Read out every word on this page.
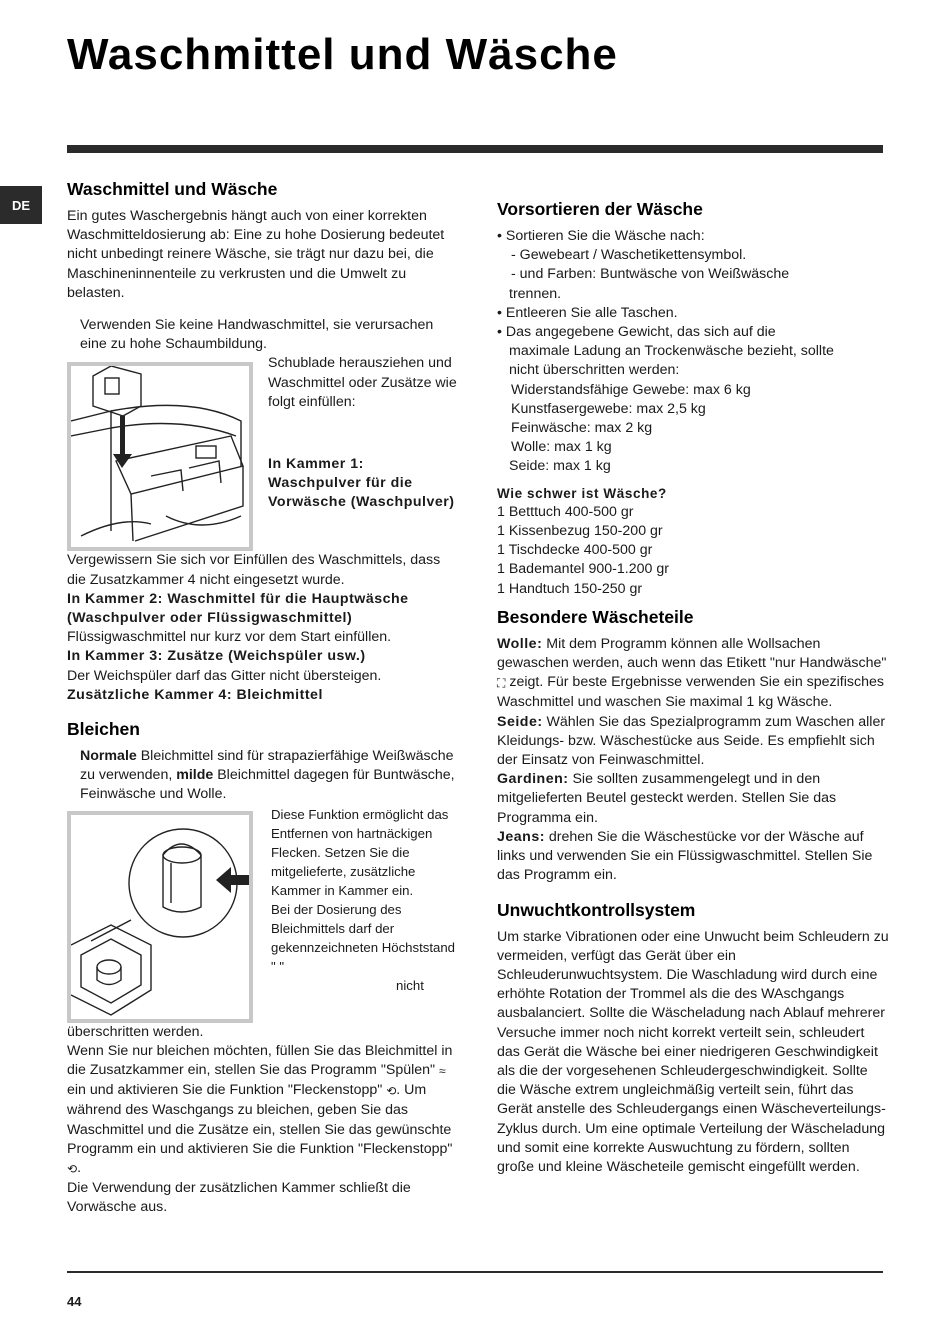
Waschmittel und Wäsche
DE
Waschmittel und Wäsche

Ein gutes Waschergebnis hängt auch von einer korrekten Waschmitteldosierung ab: Eine zu hohe Dosierung bedeutet nicht unbedingt reinere Wäsche, sie trägt nur dazu bei, die Maschineninnenteile zu verkrusten und die Umwelt zu belasten.

Verwenden Sie keine Handwaschmittel, sie verursachen eine zu hohe Schaumbildung.

Schublade herausziehen und Waschmittel oder Zusätze wie folgt einfüllen:

In Kammer 1: Waschpulver für die Vorwäsche (Waschpulver)

Vergewissern Sie sich vor Einfüllen des Waschmittels, dass die Zusatzkammer 4 nicht eingesetzt wurde.

In Kammer 2: Waschmittel für die Hauptwäsche (Waschpulver oder Flüssigwaschmittel)

Flüssigwaschmittel nur kurz vor dem Start einfüllen.

In Kammer 3: Zusätze (Weichspüler usw.)

Der Weichspüler darf das Gitter nicht übersteigen.

Zusätzliche Kammer 4: Bleichmittel

Bleichen

Normale Bleichmittel sind für strapazierfähige Weißwäsche zu verwenden, milde Bleichmittel dagegen für Buntwäsche, Feinwäsche und Wolle.

Diese Funktion ermöglicht das Entfernen von hartnäckigen Flecken. Setzen Sie die mitgelieferte, zusätzliche Kammer in Kammer ein.

Bei der Dosierung des Bleichmittels darf der gekennzeichneten Höchststand " "

nicht

überschritten werden.

Wenn Sie nur bleichen möchten, füllen Sie das Bleichmittel in die Zusatzkammer ein, stellen Sie das Programm "Spülen" ≈ ein und aktivieren Sie die Funktion "Fleckenstopp" ⟲. Um während des Waschgangs zu bleichen, geben Sie das Waschmittel und die Zusätze ein, stellen Sie das gewünschte Programm ein und aktivieren Sie die Funktion "Fleckenstopp" ⟲.

Die Verwendung der zusätzlichen Kammer schließt die Vorwäsche aus.

Vorsortieren der Wäsche

• Sortieren Sie die Wäsche nach:

- Gewebeart / Waschetikettensymbol.

- und Farben: Buntwäsche von Weißwäsche

trennen.

• Entleeren Sie alle Taschen.

• Das angegebene Gewicht, das sich auf die

maximale Ladung an Trockenwäsche bezieht, sollte

nicht überschritten werden:

Widerstandsfähige Gewebe: max 6 kg

Kunstfasergewebe: max 2,5 kg

Feinwäsche: max 2 kg

Wolle: max 1 kg

Seide: max 1 kg

Wie schwer ist Wäsche?

1 Betttuch 400-500 gr

1 Kissenbezug 150-200 gr

1 Tischdecke 400-500 gr

1 Bademantel 900-1.200 gr

1 Handtuch 150-250 gr

Besondere Wäscheteile

Wolle: Mit dem Programm können alle Wollsachen gewaschen werden, auch wenn das Etikett "nur Handwäsche" ⛶ zeigt. Für beste Ergebnisse verwenden Sie ein spezifisches Waschmittel und waschen Sie maximal 1 kg Wäsche.

Seide: Wählen Sie das Spezialprogramm zum Waschen aller Kleidungs- bzw. Wäschestücke aus Seide. Es empfiehlt sich der Einsatz von Feinwaschmittel.

Gardinen: Sie sollten zusammengelegt und in den mitgelieferten Beutel gesteckt werden. Stellen Sie das Programma ein.

Jeans: drehen Sie die Wäschestücke vor der Wäsche auf links und verwenden Sie ein Flüssigwaschmittel. Stellen Sie das Programm ein.

Unwuchtkontrollsystem

Um starke Vibrationen oder eine Unwucht beim Schleudern zu vermeiden, verfügt das Gerät über ein Schleuderunwuchtsystem. Die Waschladung wird durch eine erhöhte Rotation der Trommel als die des WAschgangs ausbalanciert. Sollte die Wäscheladung nach Ablauf mehrerer Versuche immer noch nicht korrekt verteilt sein, schleudert das Gerät die Wäsche bei einer niedrigeren Geschwindigkeit als die der vorgesehenen Schleudergeschwindigkeit. Sollte die Wäsche extrem ungleichmäßig verteilt sein, führt das Gerät anstelle des Schleudergangs einen Wäscheverteilungs-Zyklus durch. Um eine optimale Verteilung der Wäscheladung und somit eine korrekte Auswuchtung zu fördern, sollten große und kleine Wäscheteile gemischt eingefüllt werden.

44
